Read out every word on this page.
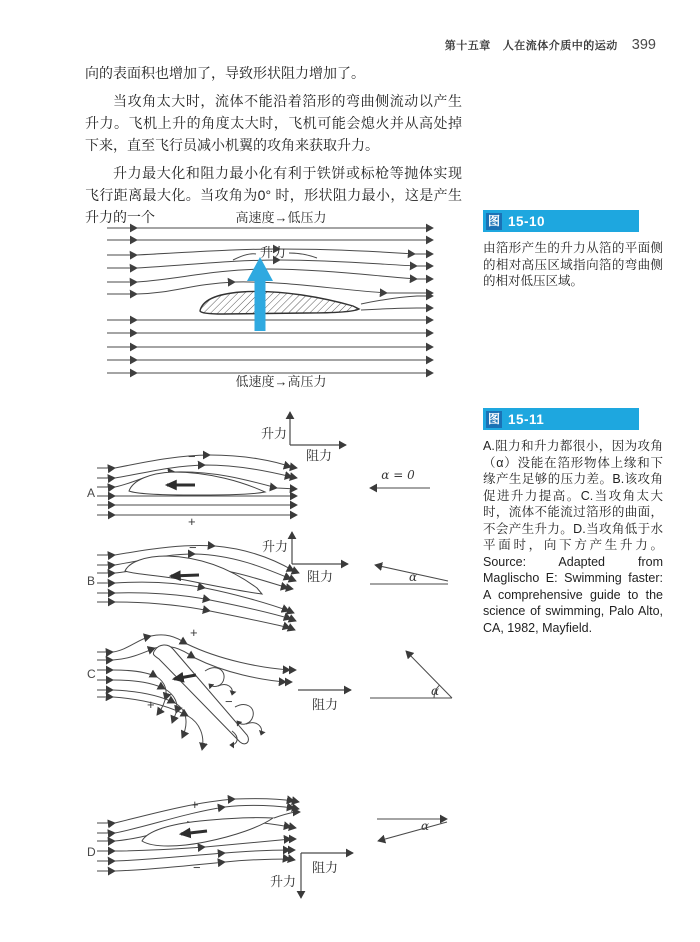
第十五章 人在流体介质中的运动 399

向的表面积也增加了，导致形状阻力增加了。

当攻角太大时，流体不能沿着箔形的弯曲侧流动以产生升力。飞机上升的角度太大时，飞机可能会熄火并从高处掉下来，直至飞行员减小机翼的攻角来获取升力。

升力最大化和阻力最小化有利于铁饼或标枪等抛体实现飞行距离最大化。当攻角为0° 时，形状阻力最小，这是产生升力的一个	高速度→低压力
升力
低速度→高压力
A
升力
阻力
−
+
α = 0
B
升力
阻力
−
+
α
C
阻力
+	−
α
D
阻力
升力
+
−
α
图 15-10

由箔形产生的升力从箔的平面侧的相对高压区域指向箔的弯曲侧的相对低压区域。

图 15-11

A.阻力和升力都很小，因为攻角（α）没能在箔形物体上缘和下缘产生足够的压力差。B.该攻角促进升力提高。C.当攻角太大时，流体不能流过箔形的曲面，不会产生升力。D.当攻角低于水平面时，向下方产生升力。Source: Adapted from Maglischo E: Swimming faster: A comprehensive guide to the science of swimming, Palo Alto, CA, 1982, Mayfield.
